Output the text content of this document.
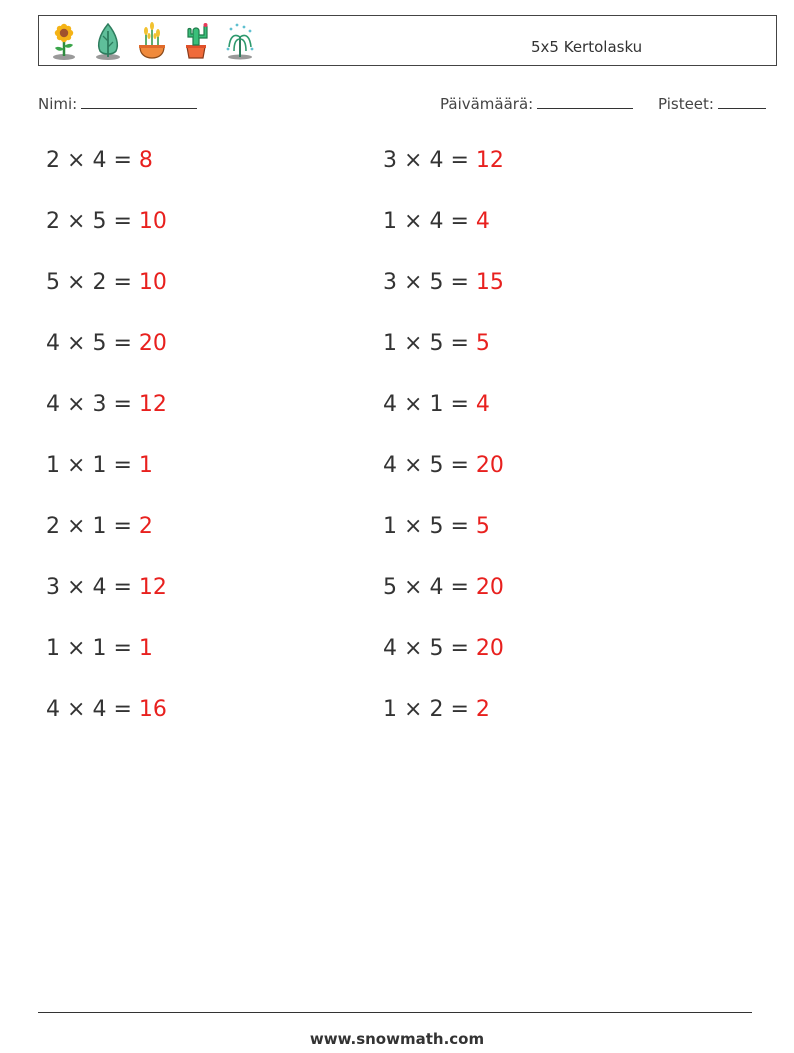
5x5 Kertolasku
Nimi:	Päivämäärä:	Pisteet:
2 × 4 = 8
2 × 5 = 10
5 × 2 = 10
4 × 5 = 20
4 × 3 = 12
1 × 1 = 1
2 × 1 = 2
3 × 4 = 12
1 × 1 = 1
4 × 4 = 16
3 × 4 = 12
1 × 4 = 4
3 × 5 = 15
1 × 5 = 5
4 × 1 = 4
4 × 5 = 20
1 × 5 = 5
5 × 4 = 20
4 × 5 = 20
1 × 2 = 2
www.snowmath.com
